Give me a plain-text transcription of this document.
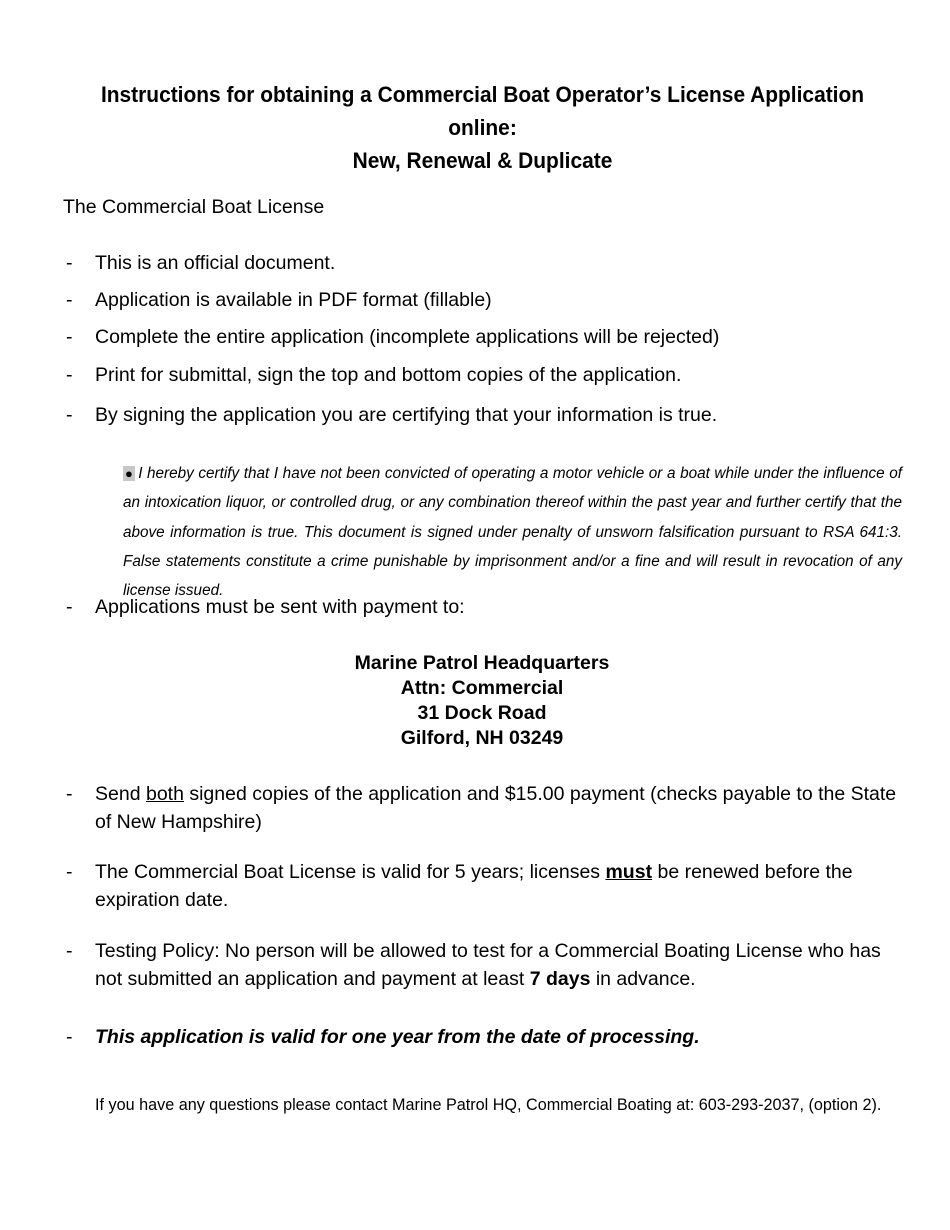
Instructions for obtaining a Commercial Boat Operator’s License Application online:
New, Renewal & Duplicate
The Commercial Boat License
- This is an official document.
- Application is available in PDF format (fillable)
- Complete the entire application (incomplete applications will be rejected)
- Print for submittal, sign the top and bottom copies of the application.
- By signing the application you are certifying that your information is true.
● I hereby certify that I have not been convicted of operating a motor vehicle or a boat while under the influence of an intoxication liquor, or controlled drug, or any combination thereof within the past year and further certify that the above information is true. This document is signed under penalty of unsworn falsification pursuant to RSA 641:3. False statements constitute a crime punishable by imprisonment and/or a fine and will result in revocation of any license issued.
- Applications must be sent with payment to:
Marine Patrol Headquarters
Attn: Commercial
31 Dock Road
Gilford, NH 03249
- Send both signed copies of the application and $15.00 payment (checks payable to the State of New Hampshire)
- The Commercial Boat License is valid for 5 years; licenses must be renewed before the expiration date.
- Testing Policy: No person will be allowed to test for a Commercial Boating License who has not submitted an application and payment at least 7 days in advance.
- This application is valid for one year from the date of processing.
If you have any questions please contact Marine Patrol HQ, Commercial Boating at: 603-293-2037, (option 2).
